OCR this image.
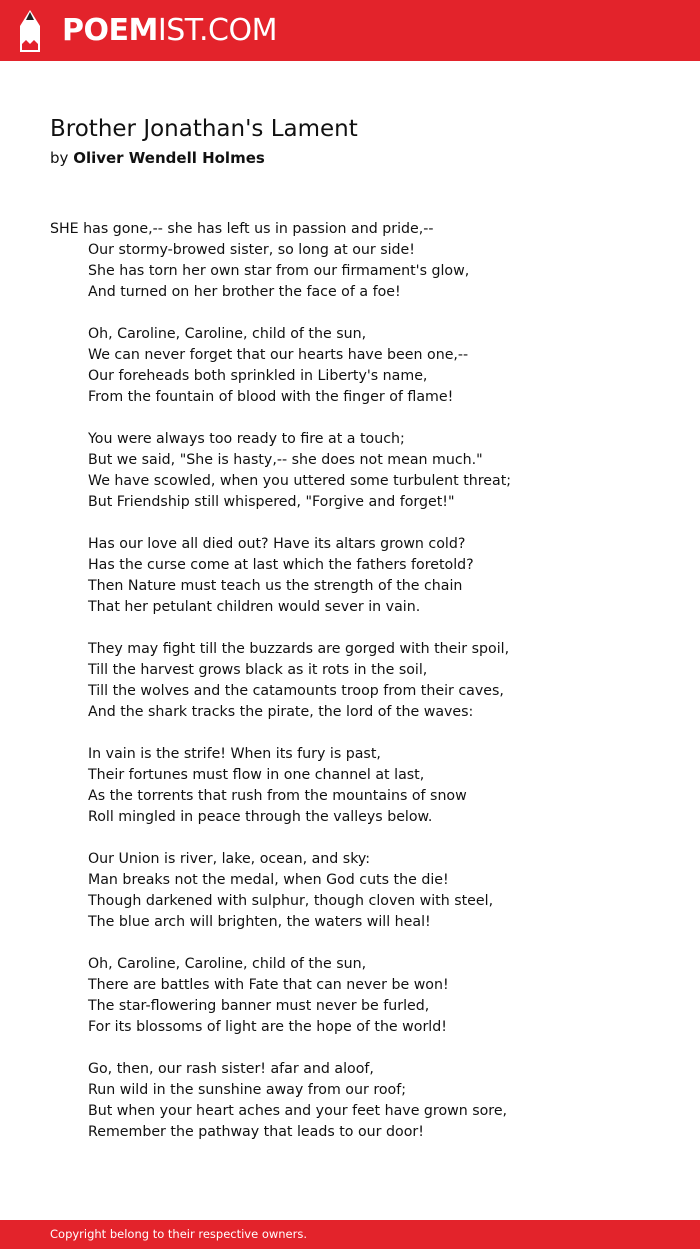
POEMIST.COM
Brother Jonathan's Lament
by Oliver Wendell Holmes
SHE has gone,-- she has left us in passion and pride,--
Our stormy-browed sister, so long at our side!
She has torn her own star from our firmament's glow,
And turned on her brother the face of a foe!
Oh, Caroline, Caroline, child of the sun,
We can never forget that our hearts have been one,--
Our foreheads both sprinkled in Liberty's name,
From the fountain of blood with the finger of flame!
You were always too ready to fire at a touch;
But we said, "She is hasty,-- she does not mean much."
We have scowled, when you uttered some turbulent threat;
But Friendship still whispered, "Forgive and forget!"
Has our love all died out? Have its altars grown cold?
Has the curse come at last which the fathers foretold?
Then Nature must teach us the strength of the chain
That her petulant children would sever in vain.
They may fight till the buzzards are gorged with their spoil,
Till the harvest grows black as it rots in the soil,
Till the wolves and the catamounts troop from their caves,
And the shark tracks the pirate, the lord of the waves:
In vain is the strife! When its fury is past,
Their fortunes must flow in one channel at last,
As the torrents that rush from the mountains of snow
Roll mingled in peace through the valleys below.
Our Union is river, lake, ocean, and sky:
Man breaks not the medal, when God cuts the die!
Though darkened with sulphur, though cloven with steel,
The blue arch will brighten, the waters will heal!
Oh, Caroline, Caroline, child of the sun,
There are battles with Fate that can never be won!
The star-flowering banner must never be furled,
For its blossoms of light are the hope of the world!
Go, then, our rash sister! afar and aloof,
Run wild in the sunshine away from our roof;
But when your heart aches and your feet have grown sore,
Remember the pathway that leads to our door!
Copyright belong to their respective owners.
